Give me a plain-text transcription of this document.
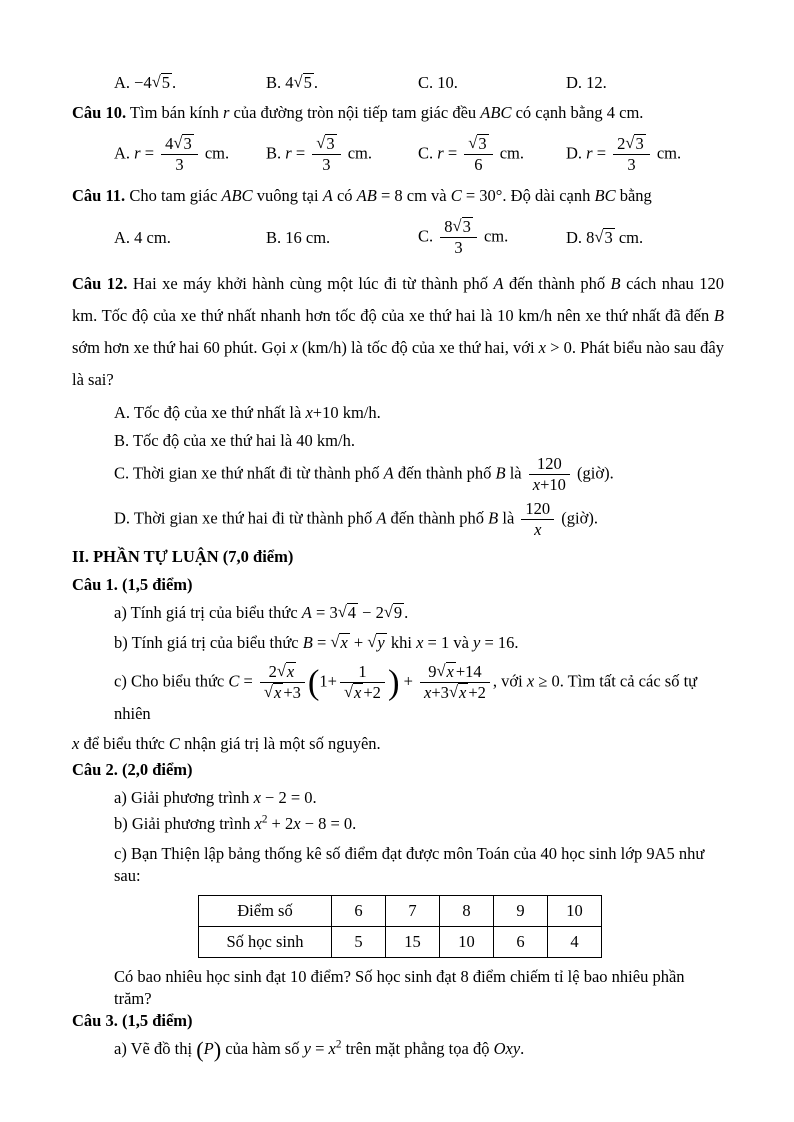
A. −4√5 .	B. 4√5 .	C. 10.	D. 12.
Câu 10. Tìm bán kính r của đường tròn nội tiếp tam giác đều ABC có cạnh bằng 4 cm.
A. $r = \frac{4√3}{3}$ cm.	B. $r = \frac{√3}{3}$ cm.	C. $r = \frac{√3}{6}$ cm.	D. $r = \frac{2√3}{3}$ cm.
Câu 11. Cho tam giác ABC vuông tại A có AB = 8 cm và C = 30°. Độ dài cạnh BC bằng
A. 4 cm.	B. 16 cm.	C. $\frac{8√3}{3}$ cm.	D. 8√3 cm.
Câu 12. Hai xe máy khởi hành cùng một lúc đi từ thành phố A đến thành phố B cách nhau 120 km. Tốc độ của xe thứ nhất nhanh hơn tốc độ của xe thứ hai là 10 km/h nên xe thứ nhất đã đến B sớm hơn xe thứ hai 60 phút. Gọi x (km/h) là tốc độ của xe thứ hai, với x > 0. Phát biểu nào sau đây là sai?
A. Tốc độ của xe thứ nhất là x+10 km/h.
B. Tốc độ của xe thứ hai là 40 km/h.
C. Thời gian xe thứ nhất đi từ thành phố A đến thành phố B là $\frac{120}{x+10}$ (giờ).
D. Thời gian xe thứ hai đi từ thành phố A đến thành phố B là $\frac{120}{x}$ (giờ).
II. PHẦN TỰ LUẬN (7,0 điểm)
Câu 1. (1,5 điểm)
a) Tính giá trị của biểu thức A = 3√4 − 2√9 .
b) Tính giá trị của biểu thức B = √x + √y khi x = 1 và y = 16.
c) Cho biểu thức $C = \frac{2√x}{√x +3} (1+ \frac{1}{√x +2}$ ) + $\frac{9√x +14}{x+3√x +2}$ , với x ≥ 0. Tìm tất cả các số tự nhiên
x để biểu thức C nhận giá trị là một số nguyên.
Câu 2. (2,0 điểm)
a) Giải phương trình x − 2 = 0.
b) Giải phương trình $x^2 + 2x - 8 = 0$.
c) Bạn Thiện lập bảng thống kê số điểm đạt được môn Toán của 40 học sinh lớp 9A5 như sau:
Điểm số	6	7	8	9	10
Số học sinh	5	15	10	6	4
Có bao nhiêu học sinh đạt 10 điểm? Số học sinh đạt 8 điểm chiếm tỉ lệ bao nhiêu phần trăm?
Câu 3. (1,5 điểm)
a) Vẽ đồ thị (P) của hàm số $y = x^2$ trên mặt phẳng tọa độ Oxy.
